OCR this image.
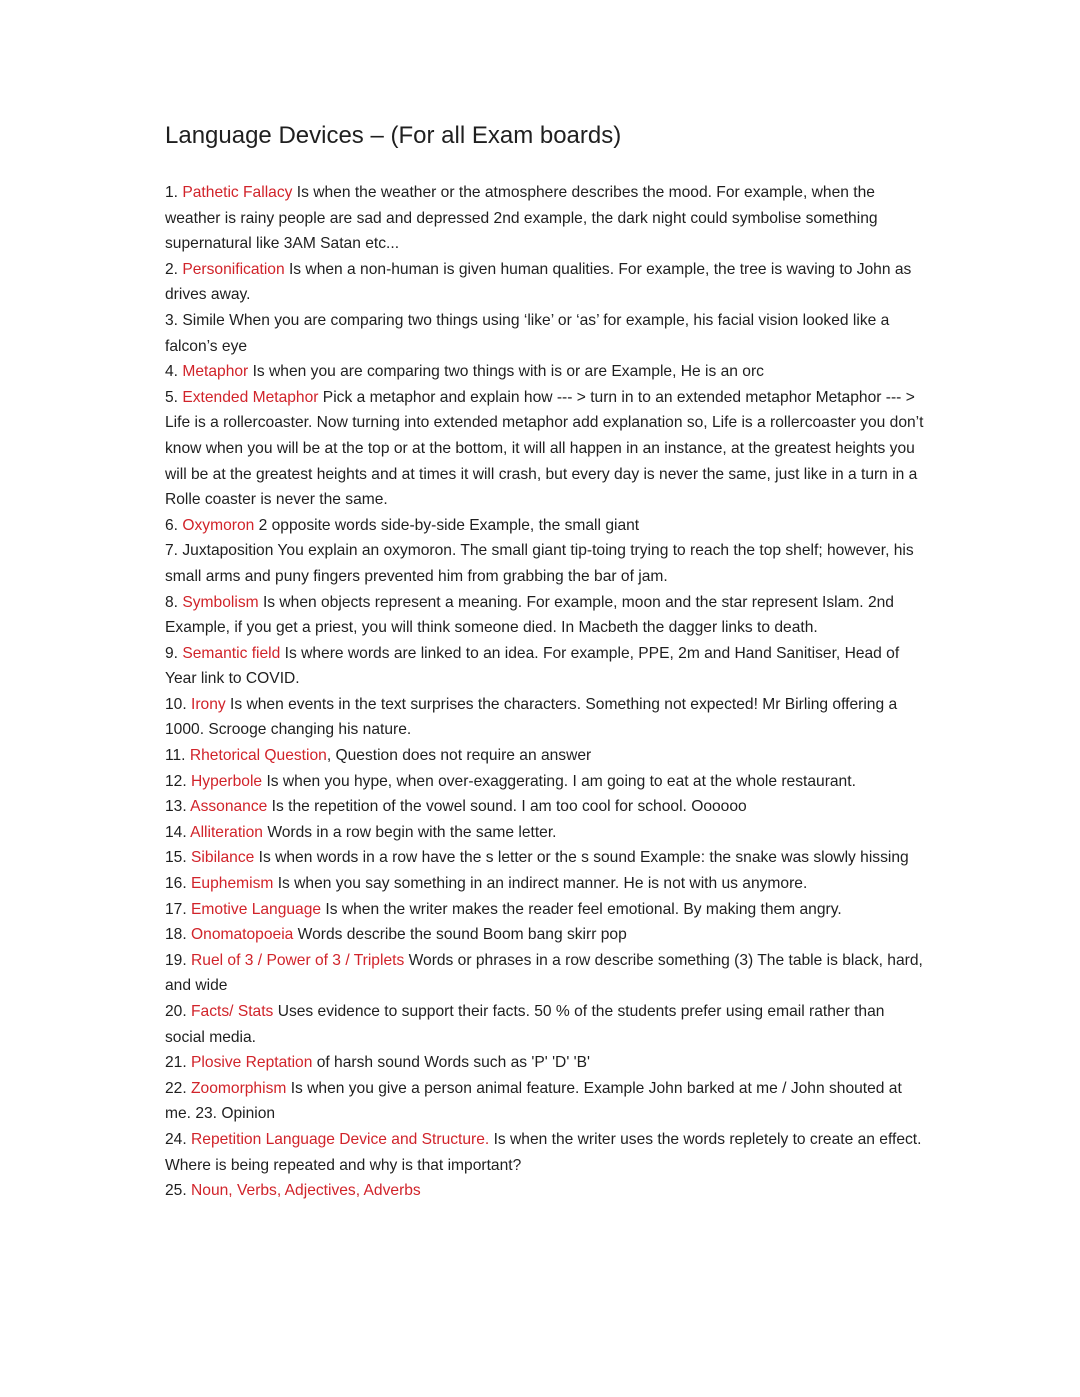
Language Devices – (For all Exam boards)

1. Pathetic Fallacy Is when the weather or the atmosphere describes the mood. For example, when the weather is rainy people are sad and depressed 2nd example, the dark night could symbolise something supernatural like 3AM Satan etc...

2. Personification Is when a non-human is given human qualities. For example, the tree is waving to John as drives away.

3. Simile When you are comparing two things using ‘like’ or ‘as’ for example, his facial vision looked like a falcon’s eye

4. Metaphor Is when you are comparing two things with is or are Example, He is an orc

5. Extended Metaphor Pick a metaphor and explain how --- > turn in to an extended metaphor Metaphor --- > Life is a rollercoaster. Now turning into extended metaphor add explanation so, Life is a rollercoaster you don’t know when you will be at the top or at the bottom, it will all happen in an instance, at the greatest heights you will be at the greatest heights and at times it will crash, but every day is never the same, just like in a turn in a Rolle coaster is never the same.

6. Oxymoron 2 opposite words side-by-side Example, the small giant

7. Juxtaposition You explain an oxymoron. The small giant tip-toing trying to reach the top shelf; however, his small arms and puny fingers prevented him from grabbing the bar of jam.

8. Symbolism Is when objects represent a meaning. For example, moon and the star represent Islam. 2nd Example, if you get a priest, you will think someone died. In Macbeth the dagger links to death.

9. Semantic field Is where words are linked to an idea. For example, PPE, 2m and Hand Sanitiser, Head of Year link to COVID.

10. Irony Is when events in the text surprises the characters. Something not expected! Mr Birling offering a 1000. Scrooge changing his nature.

11. Rhetorical Question, Question does not require an answer

12. Hyperbole Is when you hype, when over-exaggerating. I am going to eat at the whole restaurant.

13. Assonance Is the repetition of the vowel sound. I am too cool for school. Oooooo

14. Alliteration Words in a row begin with the same letter.

15. Sibilance Is when words in a row have the s letter or the s sound Example: the snake was slowly hissing

16. Euphemism Is when you say something in an indirect manner. He is not with us anymore.

17. Emotive Language Is when the writer makes the reader feel emotional. By making them angry.

18. Onomatopoeia Words describe the sound Boom bang skirr pop

19. Ruel of 3 / Power of 3 / Triplets Words or phrases in a row describe something (3) The table is black, hard, and wide

20. Facts/ Stats Uses evidence to support their facts. 50 % of the students prefer using email rather than social media.

21. Plosive Reptation of harsh sound Words such as 'P' 'D' 'B'

22. Zoomorphism Is when you give a person animal feature. Example John barked at me / John shouted at me. 23. Opinion

24. Repetition Language Device and Structure. Is when the writer uses the words repletely to create an effect. Where is being repeated and why is that important?

25. Noun, Verbs, Adjectives, Adverbs
